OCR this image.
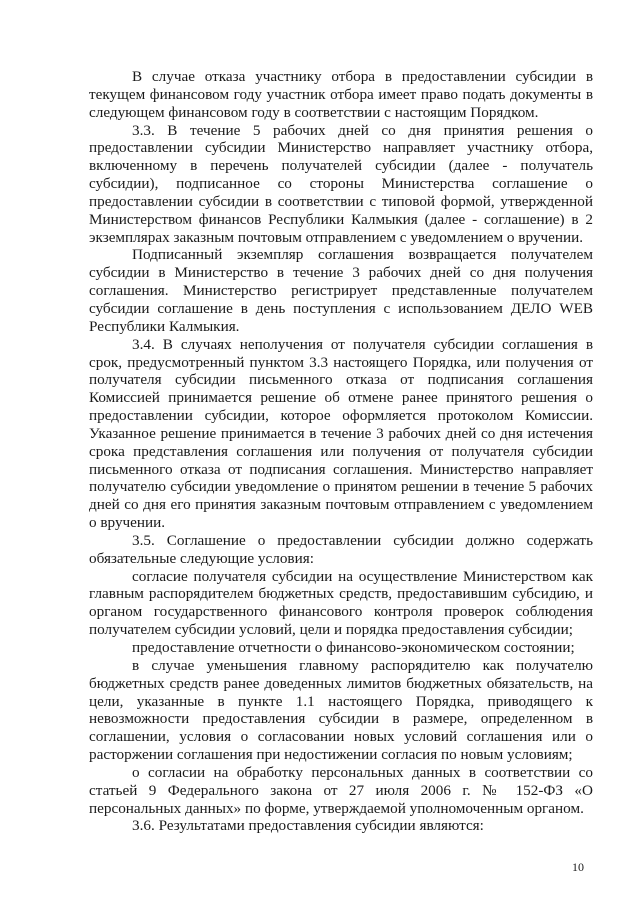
В случае отказа участнику отбора в предоставлении субсидии в текущем финансовом году участник отбора имеет право подать документы в следующем финансовом году в соответствии с настоящим Порядком.

3.3. В течение 5 рабочих дней со дня принятия решения о предоставлении субсидии Министерство направляет участнику отбора, включенному в перечень получателей субсидии (далее - получатель субсидии), подписанное со стороны Министерства соглашение о предоставлении субсидии в соответствии с типовой формой, утвержденной Министерством финансов Республики Калмыкия (далее - соглашение) в 2 экземплярах заказным почтовым отправлением с уведомлением о вручении.

Подписанный экземпляр соглашения возвращается получателем субсидии в Министерство в течение 3 рабочих дней со дня получения соглашения. Министерство регистрирует представленные получателем субсидии соглашение в день поступления с использованием ДЕЛО WEB Республики Калмыкия.

3.4. В случаях неполучения от получателя субсидии соглашения в срок, предусмотренный пунктом 3.3 настоящего Порядка, или получения от получателя субсидии письменного отказа от подписания соглашения Комиссией принимается решение об отмене ранее принятого решения о предоставлении субсидии, которое оформляется протоколом Комиссии. Указанное решение принимается в течение 3 рабочих дней со дня истечения срока представления соглашения или получения от получателя субсидии письменного отказа от подписания соглашения. Министерство направляет получателю субсидии уведомление о принятом решении в течение 5 рабочих дней со дня его принятия заказным почтовым отправлением с уведомлением о вручении.

3.5. Соглашение о предоставлении субсидии должно содержать обязательные следующие условия:

согласие получателя субсидии на осуществление Министерством как главным распорядителем бюджетных средств, предоставившим субсидию, и органом государственного финансового контроля проверок соблюдения получателем субсидии условий, цели и порядка предоставления субсидии;

предоставление отчетности о финансово-экономическом состоянии;

в случае уменьшения главному распорядителю как получателю бюджетных средств ранее доведенных лимитов бюджетных обязательств, на цели, указанные в пункте 1.1 настоящего Порядка, приводящего к невозможности предоставления субсидии в размере, определенном в соглашении, условия о согласовании новых условий соглашения или о расторжении соглашения при недостижении согласия по новым условиям;

о согласии на обработку персональных данных в соответствии со статьей 9 Федерального закона от 27 июля 2006 г. № 152-ФЗ «О персональных данных» по форме, утверждаемой уполномоченным органом.

3.6. Результатами предоставления субсидии являются:

10
